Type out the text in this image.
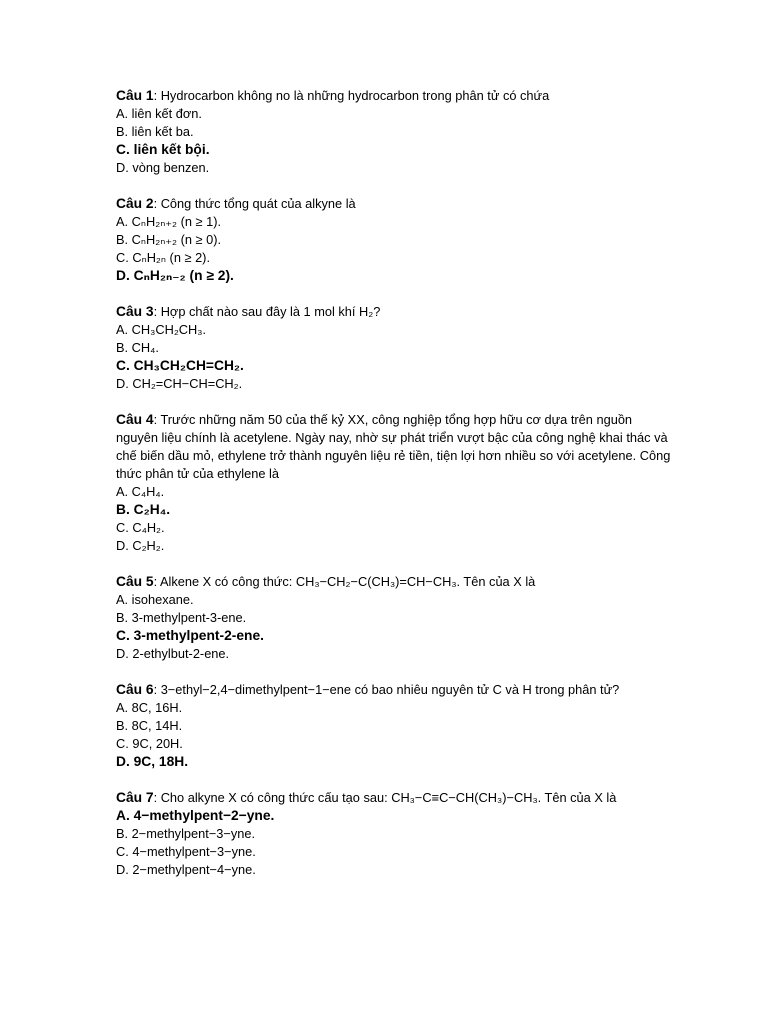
Câu 1: Hydrocarbon không no là những hydrocarbon trong phân tử có chứa

A. liên kết đơn.
B. liên kết ba.
C. liên kết bội.
D. vòng benzen.

Câu 2: Công thức tổng quát của alkyne là

A. CₙH₂ₙ₊₂ (n ≥ 1).
B. CₙH₂ₙ₊₂ (n ≥ 0).
C. CₙH₂ₙ (n ≥ 2).
D. CₙH₂ₙ₋₂ (n ≥ 2).

Câu 3: Hợp chất nào sau đây là 1 mol khí H₂?

A. CH₃CH₂CH₃.
B. CH₄.
C. CH₃CH₂CH=CH₂.
D. CH₂=CH−CH=CH₂.

Câu 4: Trước những năm 50 của thế kỷ XX, công nghiệp tổng hợp hữu cơ dựa trên nguồn nguyên liệu chính là acetylene. Ngày nay, nhờ sự phát triển vượt bậc của công nghệ khai thác và chế biến dầu mỏ, ethylene trở thành nguyên liệu rẻ tiền, tiện lợi hơn nhiều so với acetylene. Công thức phân tử của ethylene là

A. C₄H₄.
B. C₂H₄.
C. C₄H₂.
D. C₂H₂.

Câu 5: Alkene X có công thức: CH₃−CH₂−C(CH₃)=CH−CH₃. Tên của X là

A. isohexane.
B. 3-methylpent-3-ene.
C. 3-methylpent-2-ene.
D. 2-ethylbut-2-ene.

Câu 6: 3−ethyl−2,4−dimethylpent−1−ene có bao nhiêu nguyên tử C và H trong phân tử?

A. 8C, 16H.
B. 8C, 14H.
C. 9C, 20H.
D. 9C, 18H.

Câu 7: Cho alkyne X có công thức cấu tạo sau: CH₃−C≡C−CH(CH₃)−CH₃. Tên của X là

A. 4−methylpent−2−yne.
B. 2−methylpent−3−yne.
C. 4−methylpent−3−yne.
D. 2−methylpent−4−yne.
